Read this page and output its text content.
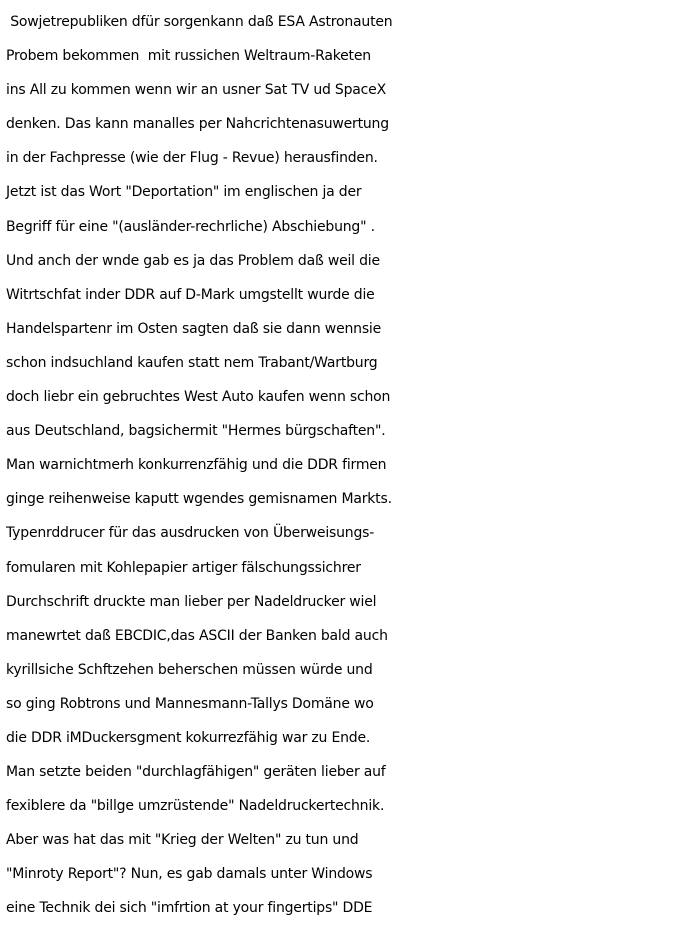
Sowjetrepubliken dfür sorgenkann daß ESA Astronauten
Probem bekommen  mit russichen Weltraum-Raketen
ins All zu kommen wenn wir an usner Sat TV ud SpaceX
denken. Das kann manalles per Nahcrichtenasuwertung
in der Fachpresse (wie der Flug - Revue) herausfinden.
Jetzt ist das Wort "Deportation" im englischen ja der
Begriff für eine "(ausländer-rechrliche) Abschiebung" .
Und anch der wnde gab es ja das Problem daß weil die
Witrtschfat inder DDR auf D-Mark umgstellt wurde die
Handelspartenr im Osten sagten daß sie dann wennsie
schon indsuchland kaufen statt nem Trabant/Wartburg
doch liebr ein gebruchtes West Auto kaufen wenn schon
aus Deutschland, bagsichermit "Hermes bürgschaften".
Man warnichtmerh konkurrenzfähig und die DDR firmen
ginge reihenweise kaputt wgendes gemisnamen Markts.
Typenrddrucer für das ausdrucken von Überweisungs-
fomularen mit Kohlepapier artiger fälschungssichrer
Durchschrift druckte man lieber per Nadeldrucker wiel
manewrtet daß EBCDIC,das ASCII der Banken bald auch
kyrillsiche Schftzehen beherschen müssen würde und
so ging Robtrons und Mannesmann-Tallys Domäne wo
die DDR iMDuckersgment kokurrezfähig war zu Ende.
Man setzte beiden "durchlagfähigen" geräten lieber auf
fexiblere da "billge umzrüstende" Nadeldruckertechnik.
Aber was hat das mit "Krieg der Welten" zu tun und
"Minroty Report"? Nun, es gab damals unter Windows
eine Technik dei sich "imfrtion at your fingertips" DDE
